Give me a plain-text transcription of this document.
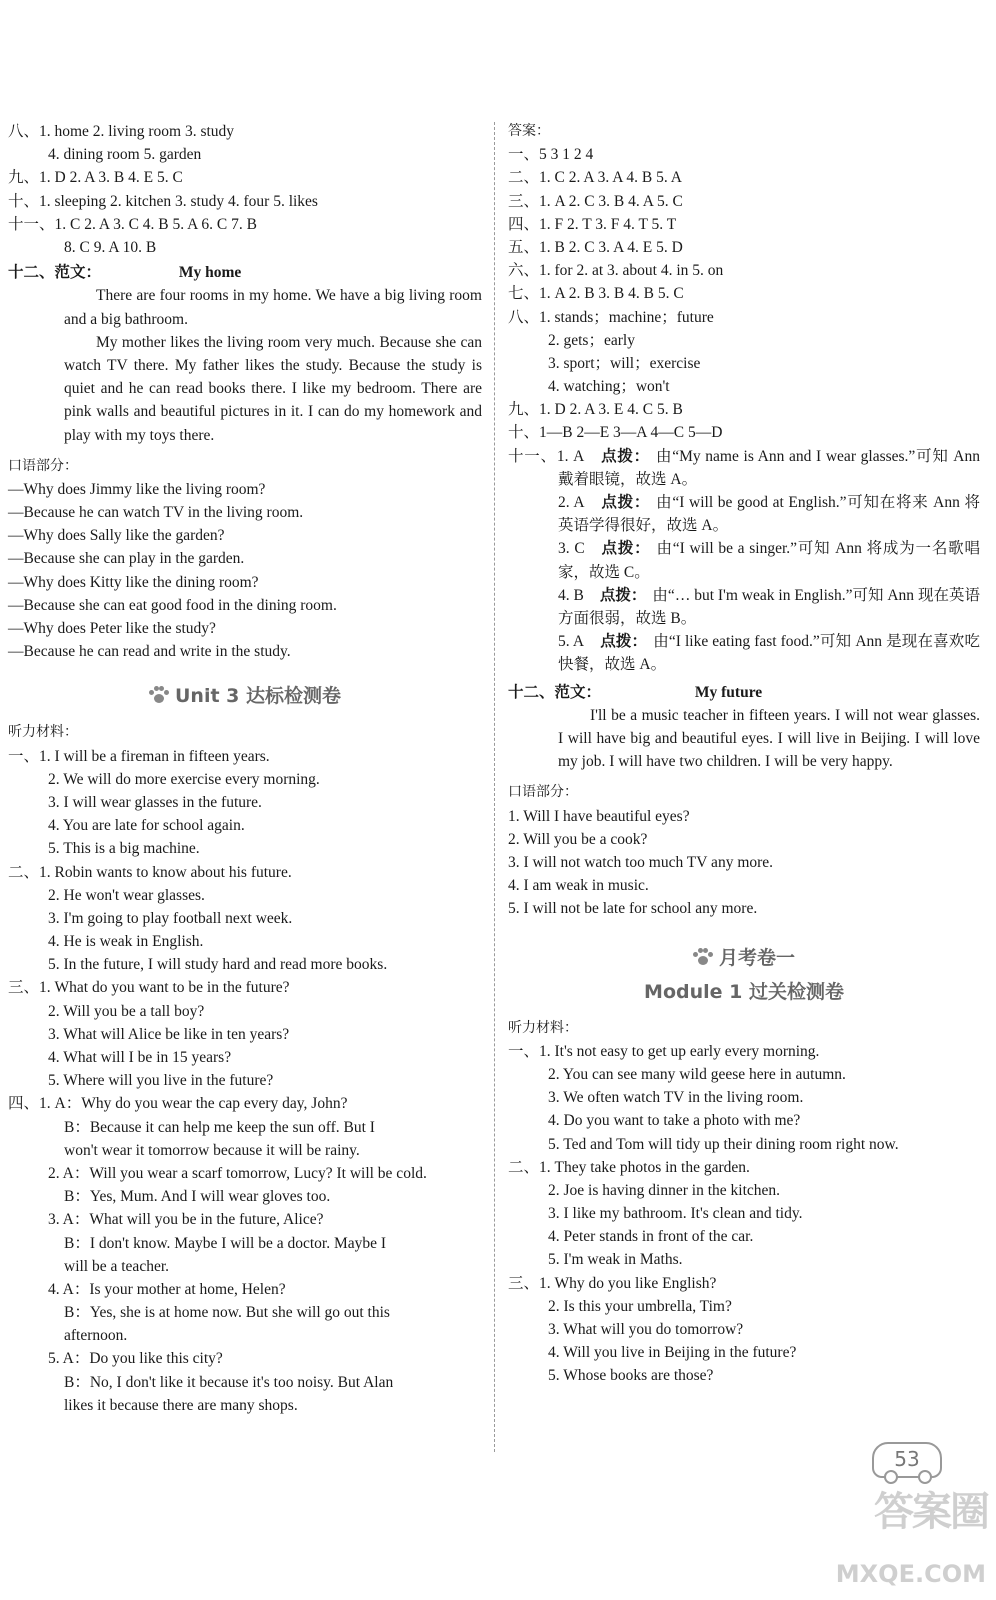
八、1. home 2. living room 3. study
4. dining room 5. garden
九、1. D 2. A 3. B 4. E 5. C
十、1. sleeping 2. kitchen 3. study 4. four 5. likes
十一、1. C 2. A 3. C 4. B 5. A 6. C 7. B
8. C 9. A 10. B
十二、范文：	My home

There are four rooms in my home. We have a big living room and a big bathroom.

My mother likes the living room very much. Because she can watch TV there. My father likes the study. Because the study is quiet and he can read books there. I like my bedroom. There are pink walls and beautiful pictures in it. I can do my homework and play with my toys there.

口语部分：
—Why does Jimmy like the living room?
—Because he can watch TV in the living room.
—Why does Sally like the garden?
—Because she can play in the garden.
—Why does Kitty like the dining room?
—Because she can eat good food in the dining room.
—Why does Peter like the study?
—Because he can read and write in the study.
Unit 3 达标检测卷
听力材料：
一、1. I will be a fireman in fifteen years.
2. We will do more exercise every morning.
3. I will wear glasses in the future.
4. You are late for school again.
5. This is a big machine.
二、1. Robin wants to know about his future.
2. He won't wear glasses.
3. I'm going to play football next week.
4. He is weak in English.
5. In the future, I will study hard and read more books.
三、1. What do you want to be in the future?
2. Will you be a tall boy?
3. What will Alice be like in ten years?
4. What will I be in 15 years?
5. Where will you live in the future?
四、1. A：Why do you wear the cap every day, John?
B：Because it can help me keep the sun off. But I
won't wear it tomorrow because it will be rainy.
2. A：Will you wear a scarf tomorrow, Lucy? It will be cold.
B：Yes, Mum. And I will wear gloves too.
3. A：What will you be in the future, Alice?
B：I don't know. Maybe I will be a doctor. Maybe I
will be a teacher.
4. A：Is your mother at home, Helen?
B：Yes, she is at home now. But she will go out this
afternoon.
5. A：Do you like this city?
B：No, I don't like it because it's too noisy. But Alan
likes it because there are many shops.
答案：
一、5 3 1 2 4
二、1. C 2. A 3. A 4. B 5. A
三、1. A 2. C 3. B 4. A 5. C
四、1. F 2. T 3. F 4. T 5. T
五、1. B 2. C 3. A 4. E 5. D
六、1. for 2. at 3. about 4. in 5. on
七、1. A 2. B 3. B 4. B 5. C
八、1. stands；machine；future
2. gets；early
3. sport；will；exercise
4. watching；won't
九、1. D 2. A 3. E 4. C 5. B
十、1—B 2—E 3—A 4—C 5—D
十一、1. A 点拨： 由“My name is Ann and I wear glasses.”可知 Ann 戴着眼镜，故选 A。
2. A 点拨： 由“I will be good at English.”可知在将来 Ann 将英语学得很好，故选 A。
3. C 点拨： 由“I will be a singer.”可知 Ann 将成为一名歌唱家，故选 C。
4. B 点拨： 由“… but I'm weak in English.”可知 Ann 现在英语方面很弱，故选 B。
5. A 点拨： 由“I like eating fast food.”可知 Ann 是现在喜欢吃快餐，故选 A。
十二、范文：	My future

I'll be a music teacher in fifteen years. I will not wear glasses. I will have big and beautiful eyes. I will live in Beijing. I will love my job. I will have two children. I will be very happy.

口语部分：
1. Will I have beautiful eyes?
2. Will you be a cook?
3. I will not watch too much TV any more.
4. I am weak in music.
5. I will not be late for school any more.
月考卷一
Module 1 过关检测卷
听力材料：
一、1. It's not easy to get up early every morning.
2. You can see many wild geese here in autumn.
3. We often watch TV in the living room.
4. Do you want to take a photo with me?
5. Ted and Tom will tidy up their dining room right now.
二、1. They take photos in the garden.
2. Joe is having dinner in the kitchen.
3. I like my bathroom. It's clean and tidy.
4. Peter stands in front of the car.
5. I'm weak in Maths.
三、1. Why do you like English?
2. Is this your umbrella, Tim?
3. What will you do tomorrow?
4. Will you live in Beijing in the future?
5. Whose books are those?
53
答案圈
MXQE.COM
